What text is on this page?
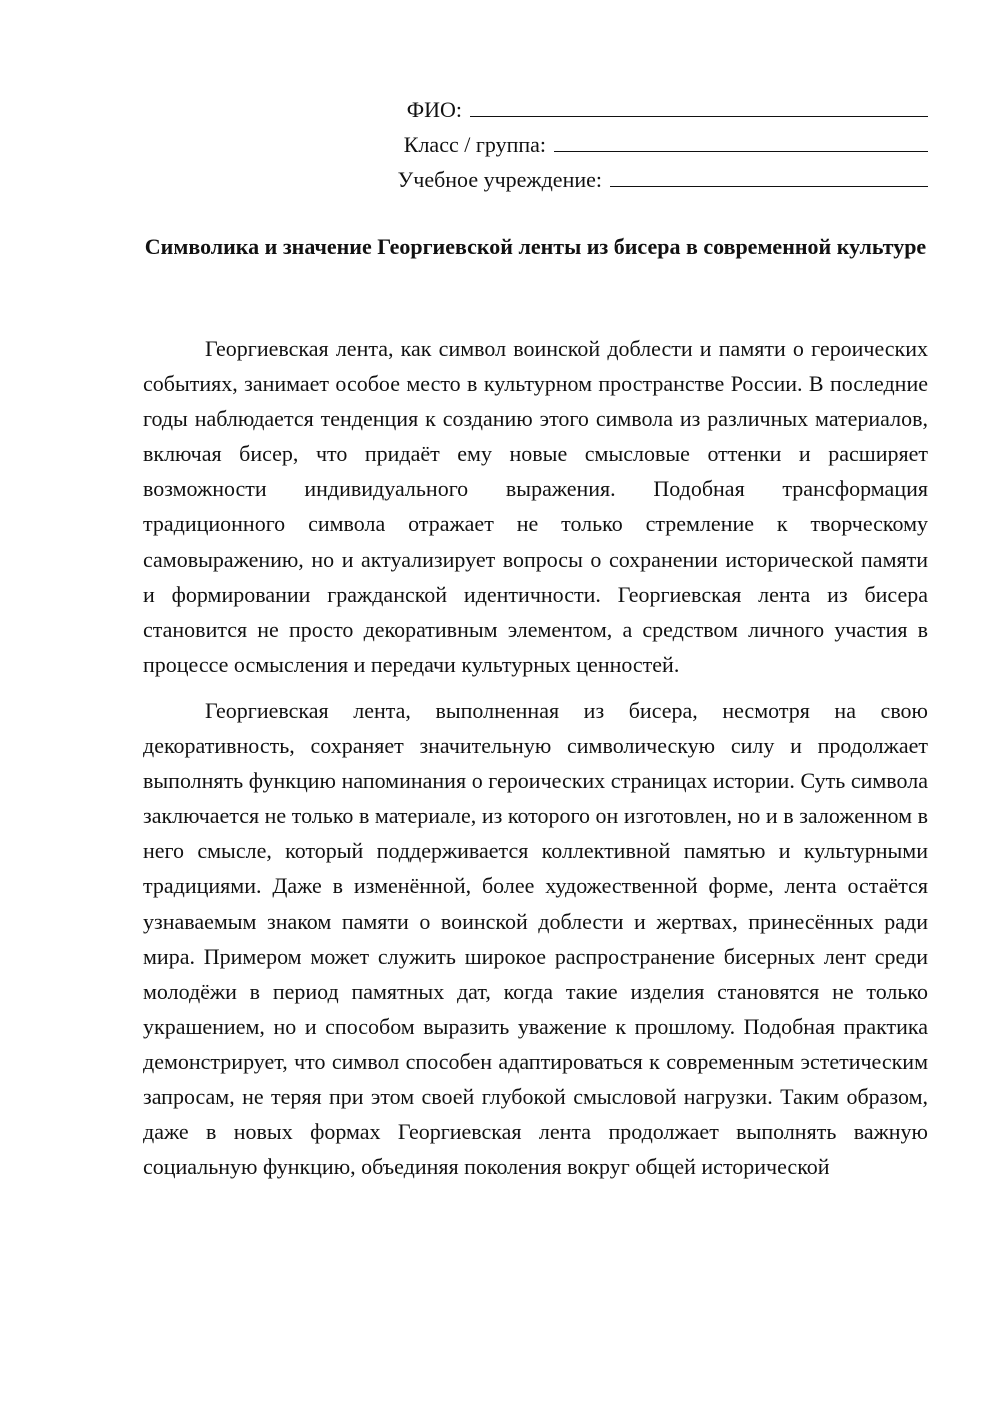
ФИО:
Класс / группа:
Учебное учреждение:
Символика и значение Георгиевской ленты из бисера в современной культуре

Георгиевская лента, как символ воинской доблести и памяти о героических событиях, занимает особое место в культурном пространстве России. В последние годы наблюдается тенденция к созданию этого символа из различных материалов, включая бисер, что придаёт ему новые смысловые оттенки и расширяет возможности индивидуального выражения. Подобная трансформация традиционного символа отражает не только стремление к творческому самовыражению, но и актуализирует вопросы о сохранении исторической памяти и формировании гражданской идентичности. Георгиевская лента из бисера становится не просто декоративным элементом, а средством личного участия в процессе осмысления и передачи культурных ценностей.

Георгиевская лента, выполненная из бисера, несмотря на свою декоративность, сохраняет значительную символическую силу и продолжает выполнять функцию напоминания о героических страницах истории. Суть символа заключается не только в материале, из которого он изготовлен, но и в заложенном в него смысле, который поддерживается коллективной памятью и культурными традициями. Даже в изменённой, более художественной форме, лента остаётся узнаваемым знаком памяти о воинской доблести и жертвах, принесённых ради мира. Примером может служить широкое распространение бисерных лент среди молодёжи в период памятных дат, когда такие изделия становятся не только украшением, но и способом выразить уважение к прошлому. Подобная практика демонстрирует, что символ способен адаптироваться к современным эстетическим запросам, не теряя при этом своей глубокой смысловой нагрузки. Таким образом, даже в новых формах Георгиевская лента продолжает выполнять важную социальную функцию, объединяя поколения вокруг общей исторической
